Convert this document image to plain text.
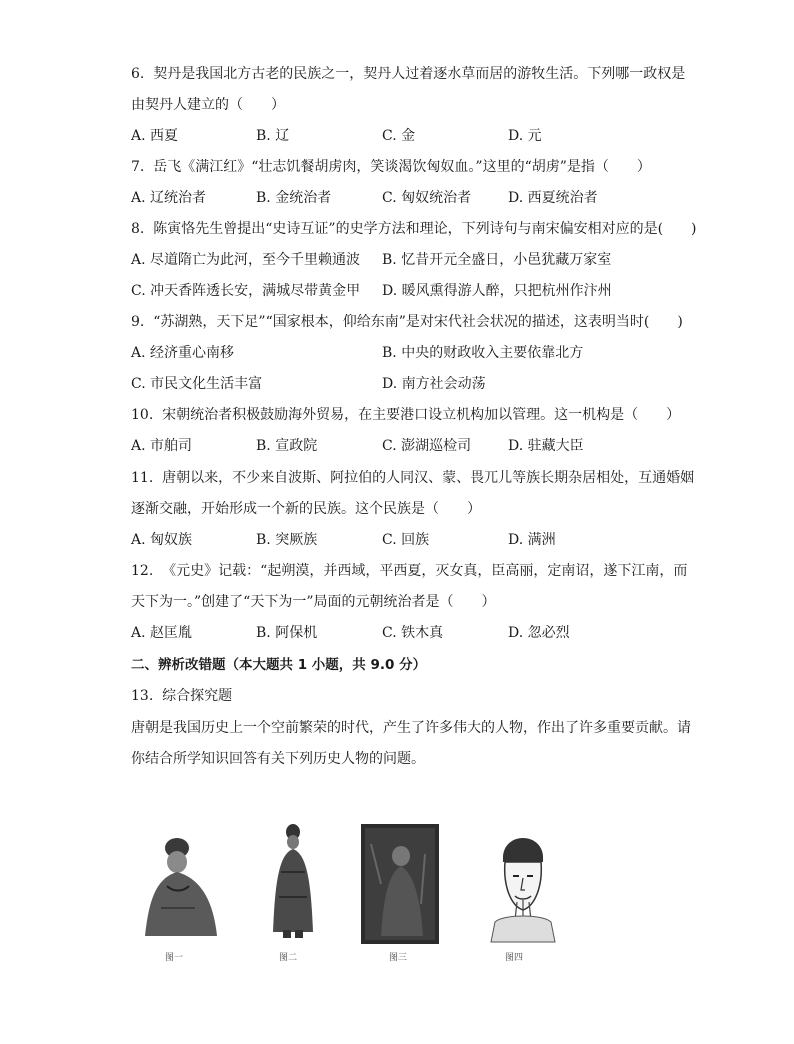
6. 契丹是我国北方古老的民族之一，契丹人过着逐水草而居的游牧生活。下列哪一政权是
由契丹人建立的（　　）
A. 西夏	B. 辽	C. 金	D. 元
7. 岳飞《满江红》“壮志饥餐胡虏肉，笑谈渴饮匈奴血。”这里的“胡虏”是指（　　）
A. 辽统治者	B. 金统治者	C. 匈奴统治者	D. 西夏统治者
8. 陈寅恪先生曾提出“史诗互证”的史学方法和理论，下列诗句与南宋偏安相对应的是(　　)
A. 尽道隋亡为此河，至今千里赖通波 B. 忆昔开元全盛日，小邑犹藏万家室
C. 冲天香阵透长安，满城尽带黄金甲 D. 暖风熏得游人醉，只把杭州作汴州
9. “苏湖熟，天下足”“国家根本，仰给东南”是对宋代社会状况的描述，这表明当时(　　)
A. 经济重心南移	B. 中央的财政收入主要依靠北方
C. 市民文化生活丰富	D. 南方社会动荡
10. 宋朝统治者积极鼓励海外贸易，在主要港口设立机构加以管理。这一机构是（　　）
A. 市舶司	B. 宣政院	C. 澎湖巡检司	D. 驻藏大臣
11. 唐朝以来，不少来自波斯、阿拉伯的人同汉、蒙、畏兀儿等族长期杂居相处，互通婚姻
逐渐交融，开始形成一个新的民族。这个民族是（　　）
A. 匈奴族	B. 突厥族	C. 回族	D. 满洲
12. 《元史》记载：“起朔漠，并西域，平西夏，灭女真，臣高丽，定南诏，遂下江南，而
天下为一。”创建了“天下为一”局面的元朝统治者是（　　）
A. 赵匡胤	B. 阿保机	C. 铁木真	D. 忽必烈
二、辨析改错题（本大题共 1 小题，共 9.0 分）
13. 综合探究题
唐朝是我国历史上一个空前繁荣的时代，产生了许多伟大的人物，作出了许多重要贡献。请
你结合所学知识回答有关下列历史人物的问题。
图一	图二	图三	图四
